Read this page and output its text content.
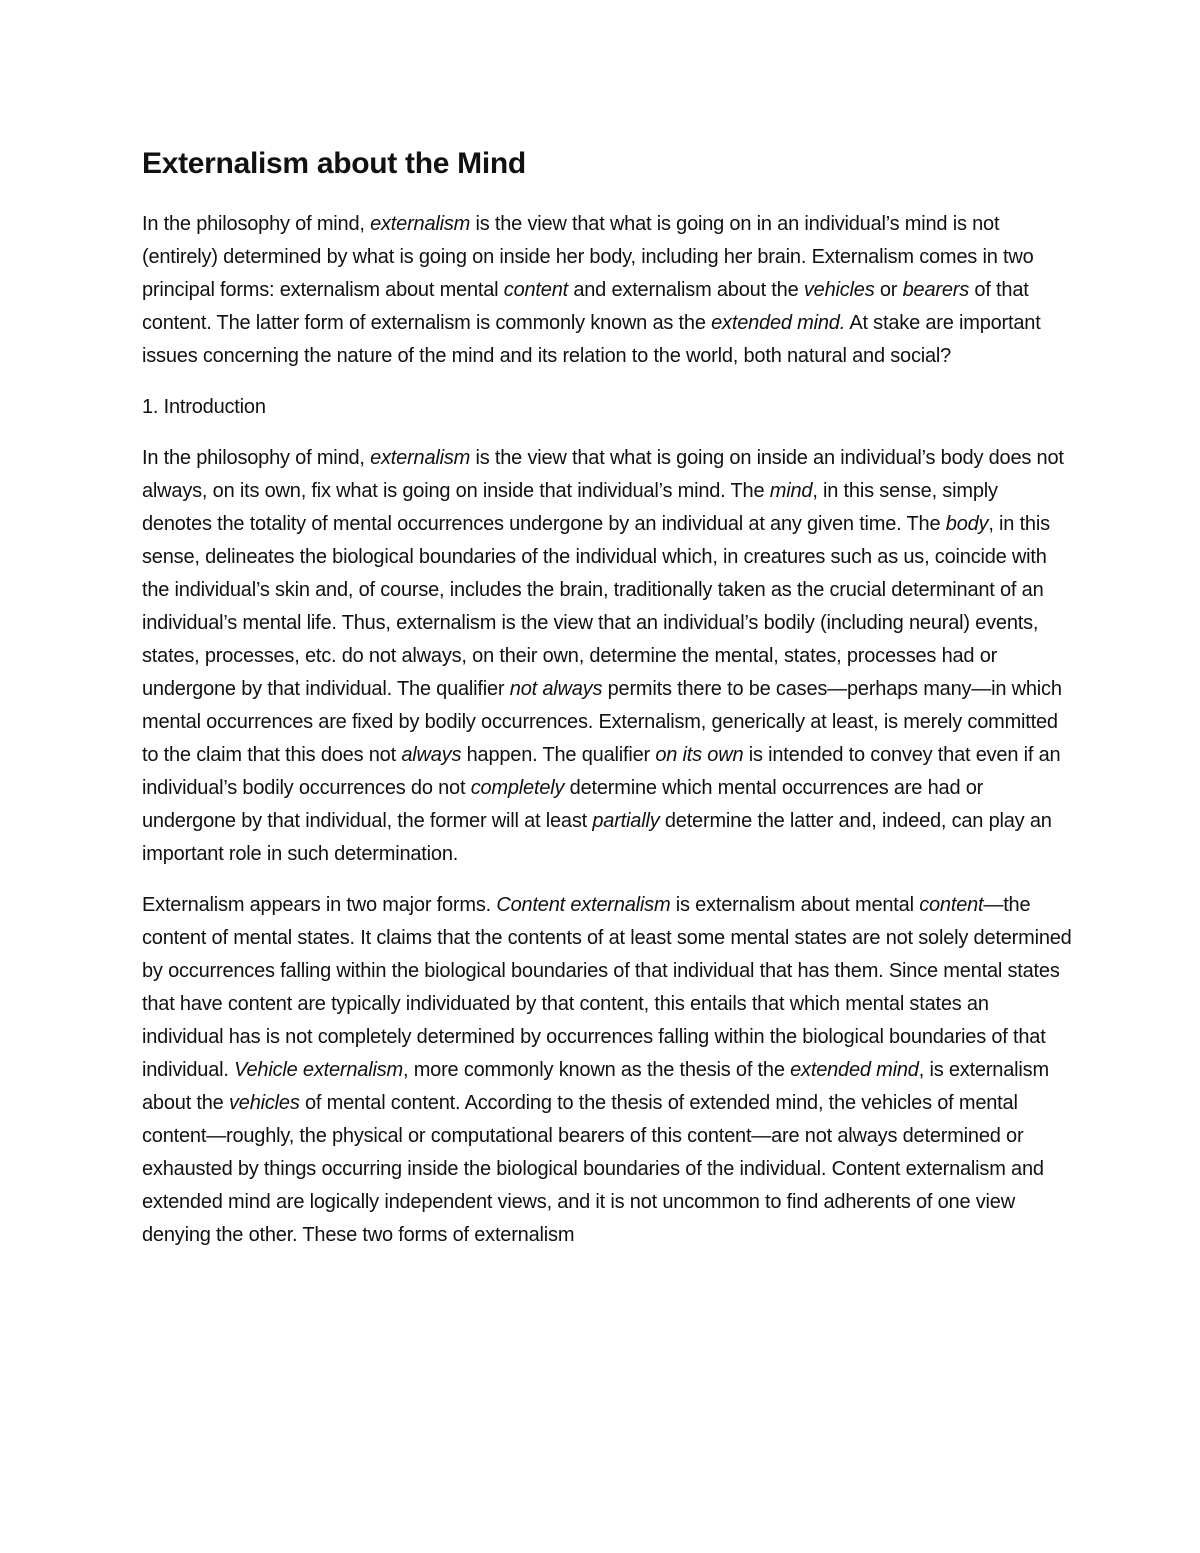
Externalism about the Mind

In the philosophy of mind, externalism is the view that what is going on in an individual’s mind is not (entirely) determined by what is going on inside her body, including her brain. Externalism comes in two principal forms: externalism about mental content and externalism about the vehicles or bearers of that content. The latter form of externalism is commonly known as the extended mind. At stake are important issues concerning the nature of the mind and its relation to the world, both natural and social?

1. Introduction

In the philosophy of mind, externalism is the view that what is going on inside an individual’s body does not always, on its own, fix what is going on inside that individual’s mind. The mind, in this sense, simply denotes the totality of mental occurrences undergone by an individual at any given time. The body, in this sense, delineates the biological boundaries of the individual which, in creatures such as us, coincide with the individual’s skin and, of course, includes the brain, traditionally taken as the crucial determinant of an individual’s mental life. Thus, externalism is the view that an individual’s bodily (including neural) events, states, processes, etc. do not always, on their own, determine the mental, states, processes had or undergone by that individual. The qualifier not always permits there to be cases—perhaps many—in which mental occurrences are fixed by bodily occurrences. Externalism, generically at least, is merely committed to the claim that this does not always happen. The qualifier on its own is intended to convey that even if an individual’s bodily occurrences do not completely determine which mental occurrences are had or undergone by that individual, the former will at least partially determine the latter and, indeed, can play an important role in such determination.

Externalism appears in two major forms. Content externalism is externalism about mental content—the content of mental states. It claims that the contents of at least some mental states are not solely determined by occurrences falling within the biological boundaries of that individual that has them. Since mental states that have content are typically individuated by that content, this entails that which mental states an individual has is not completely determined by occurrences falling within the biological boundaries of that individual. Vehicle externalism, more commonly known as the thesis of the extended mind, is externalism about the vehicles of mental content. According to the thesis of extended mind, the vehicles of mental content—roughly, the physical or computational bearers of this content—are not always determined or exhausted by things occurring inside the biological boundaries of the individual. Content externalism and extended mind are logically independent views, and it is not uncommon to find adherents of one view denying the other. These two forms of externalism
